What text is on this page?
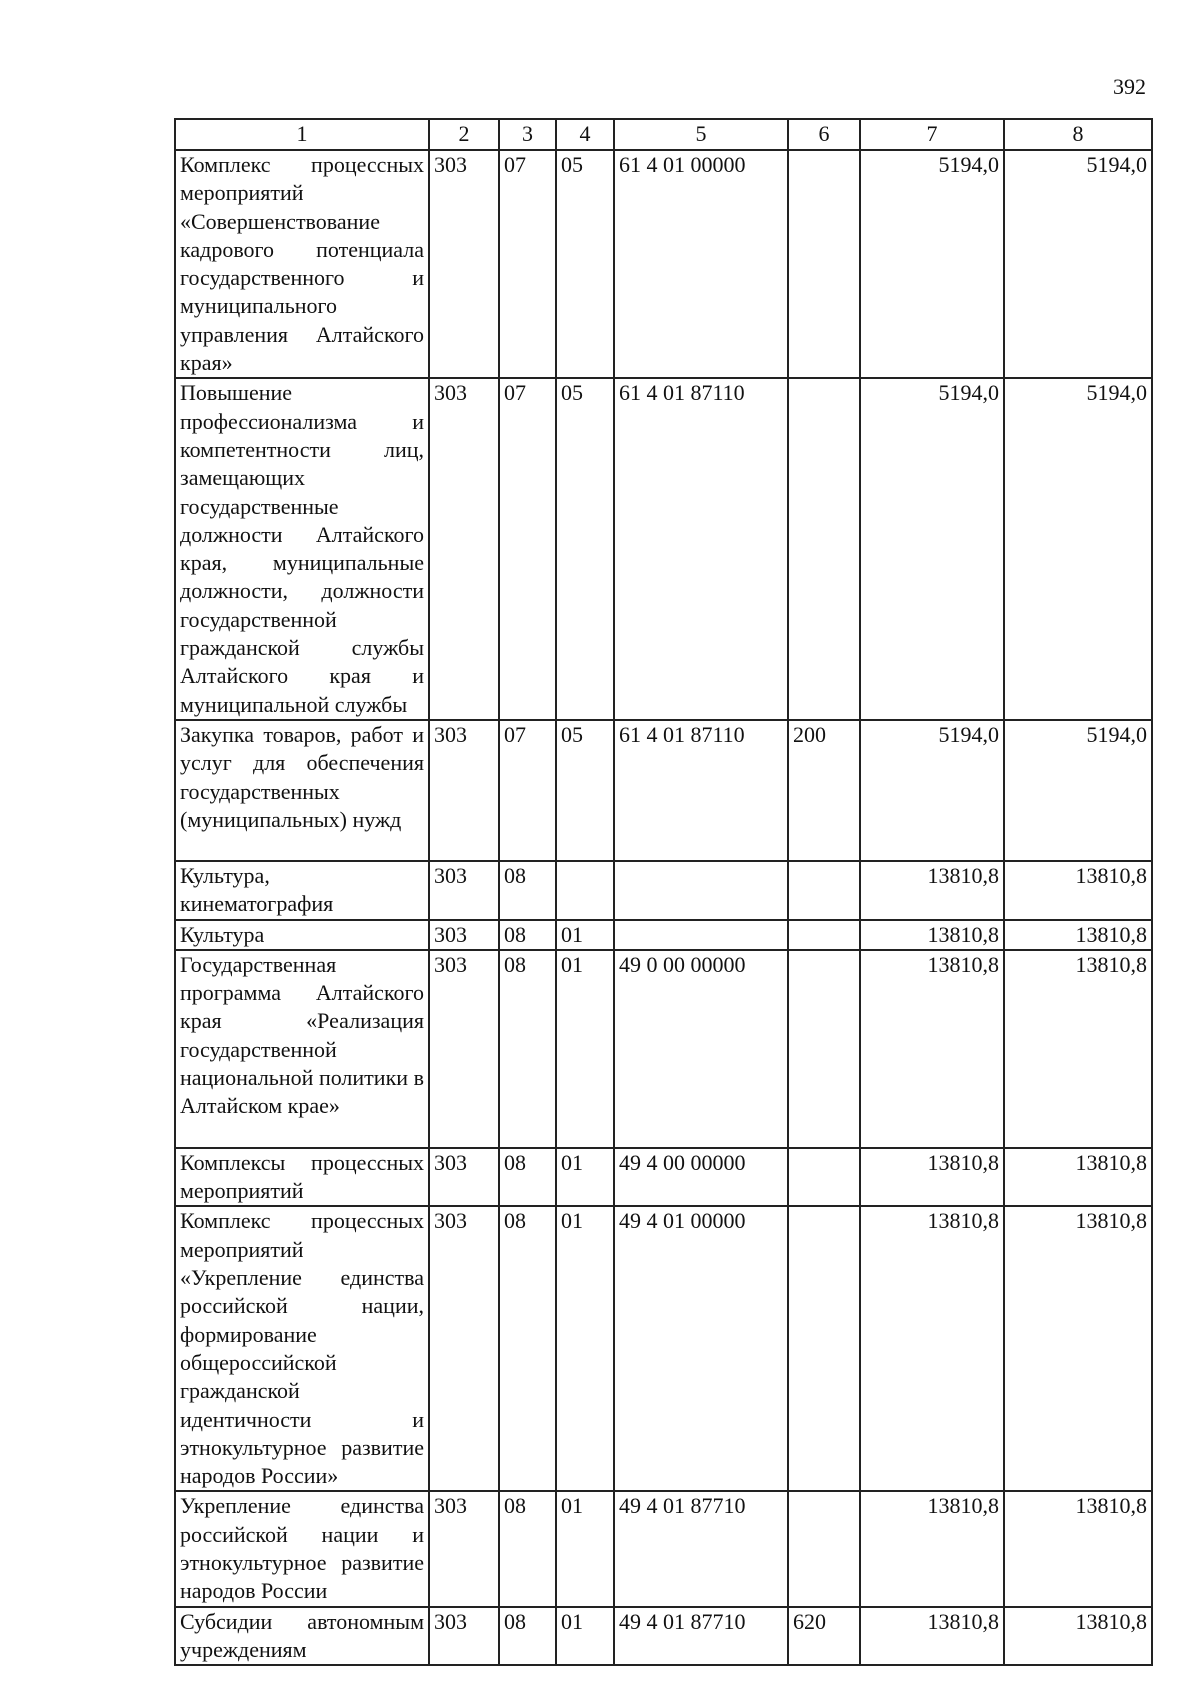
392
1	2	3	4	5	6	7	8
Комплекс процессных мероприятий «Совершенствование кадрового потенциала государственного и муниципального управления Алтайского края»	303	07	05	61 4 01 00000		5194,0	5194,0
Повышение профессионализма и компетентности лиц, замещающих государственные должности Алтайского края, муниципальные должности, должности государственной гражданской службы Алтайского края и муниципальной службы	303	07	05	61 4 01 87110		5194,0	5194,0
Закупка товаров, работ и услуг для обеспечения государственных (муниципальных) нужд	303	07	05	61 4 01 87110	200	5194,0	5194,0
Культура, кинематография	303	08				13810,8	13810,8
Культура	303	08	01			13810,8	13810,8
Государственная программа Алтайского края «Реализация государственной национальной политики в Алтайском крае»	303	08	01	49 0 00 00000		13810,8	13810,8
Комплексы процессных мероприятий	303	08	01	49 4 00 00000		13810,8	13810,8
Комплекс процессных мероприятий «Укрепление единства российской нации, формирование общероссийской гражданской идентичности и этнокультурное развитие народов России»	303	08	01	49 4 01 00000		13810,8	13810,8
Укрепление единства российской нации и этнокультурное развитие народов России	303	08	01	49 4 01 87710		13810,8	13810,8
Субсидии автономным учреждениям	303	08	01	49 4 01 87710	620	13810,8	13810,8
